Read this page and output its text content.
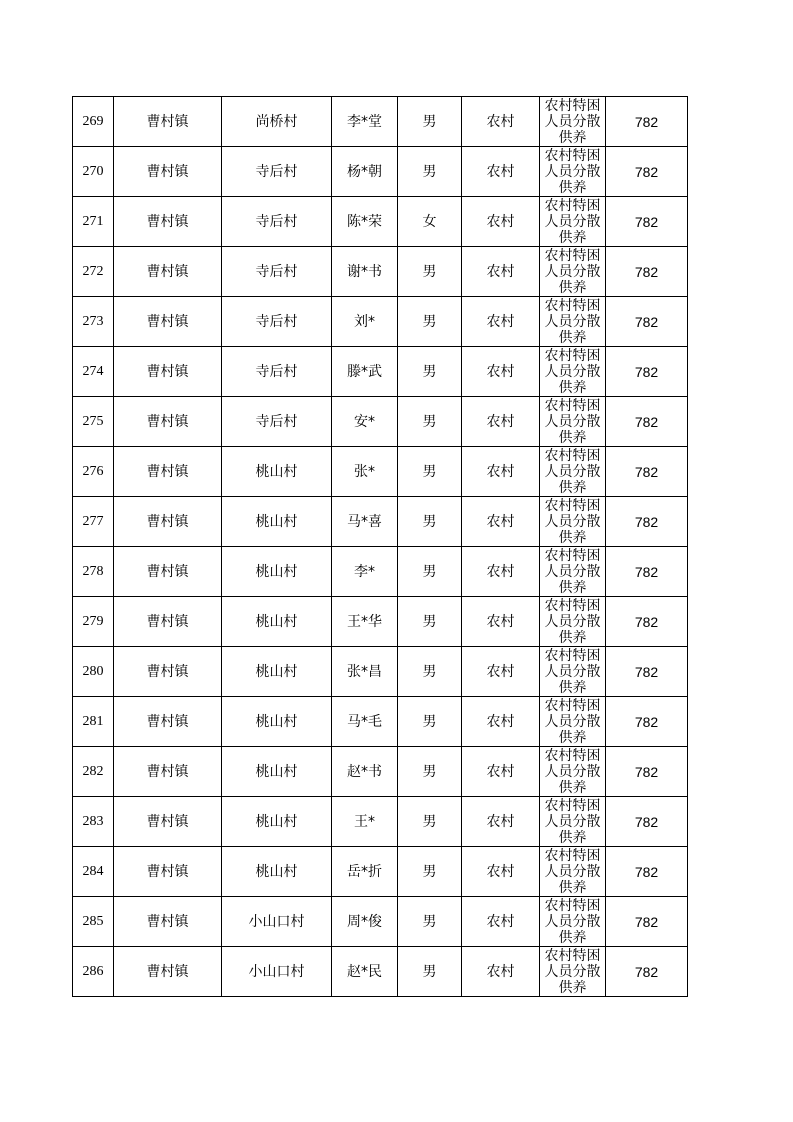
269	曹村镇	尚桥村	李*堂	男	农村	农村特困人员分散供养	782
270	曹村镇	寺后村	杨*朝	男	农村	农村特困人员分散供养	782
271	曹村镇	寺后村	陈*荣	女	农村	农村特困人员分散供养	782
272	曹村镇	寺后村	谢*书	男	农村	农村特困人员分散供养	782
273	曹村镇	寺后村	刘*	男	农村	农村特困人员分散供养	782
274	曹村镇	寺后村	滕*武	男	农村	农村特困人员分散供养	782
275	曹村镇	寺后村	安*	男	农村	农村特困人员分散供养	782
276	曹村镇	桃山村	张*	男	农村	农村特困人员分散供养	782
277	曹村镇	桃山村	马*喜	男	农村	农村特困人员分散供养	782
278	曹村镇	桃山村	李*	男	农村	农村特困人员分散供养	782
279	曹村镇	桃山村	王*华	男	农村	农村特困人员分散供养	782
280	曹村镇	桃山村	张*昌	男	农村	农村特困人员分散供养	782
281	曹村镇	桃山村	马*毛	男	农村	农村特困人员分散供养	782
282	曹村镇	桃山村	赵*书	男	农村	农村特困人员分散供养	782
283	曹村镇	桃山村	王*	男	农村	农村特困人员分散供养	782
284	曹村镇	桃山村	岳*折	男	农村	农村特困人员分散供养	782
285	曹村镇	小山口村	周*俊	男	农村	农村特困人员分散供养	782
286	曹村镇	小山口村	赵*民	男	农村	农村特困人员分散供养	782
